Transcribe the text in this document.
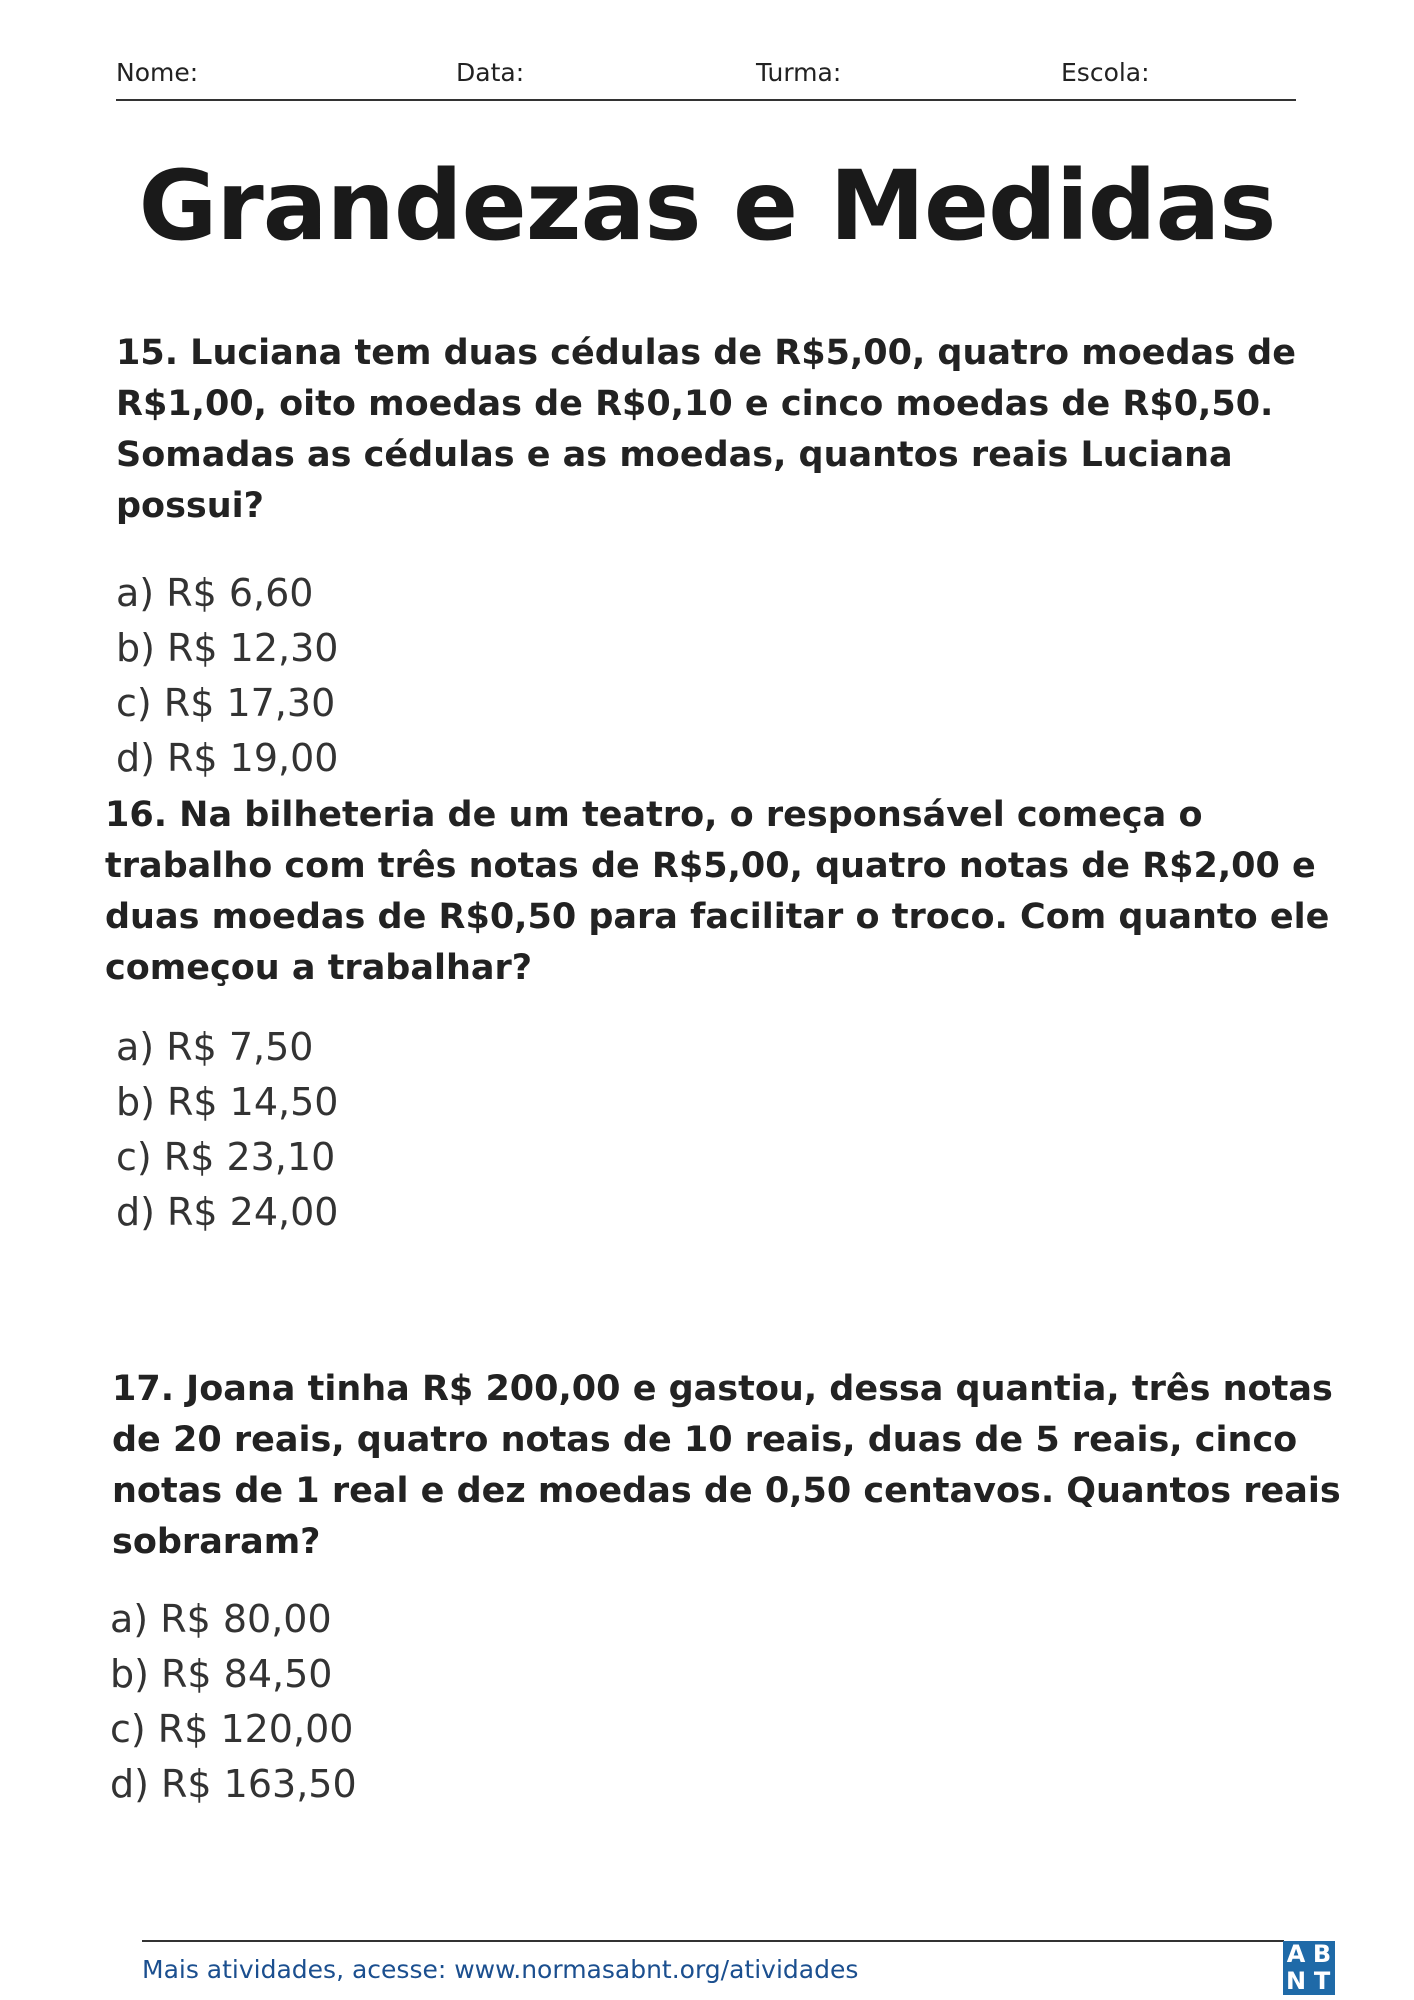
Nome:	Data:	Turma:	Escola:
Grandezas e Medidas

15. Luciana tem duas cédulas de R$5,00, quatro moedas de R$1,00, oito moedas de R$0,10 e cinco moedas de R$0,50. Somadas as cédulas e as moedas, quantos reais Luciana possui?

a) R$ 6,60
b) R$ 12,30
c) R$ 17,30
d) R$ 19,00

16. Na bilheteria de um teatro, o responsável começa o trabalho com três notas de R$5,00, quatro notas de R$2,00 e duas moedas de R$0,50 para facilitar o troco. Com quanto ele começou a trabalhar?

a) R$ 7,50
b) R$ 14,50
c) R$ 23,10
d) R$ 24,00

17. Joana tinha R$ 200,00 e gastou, dessa quantia, três notas de 20 reais, quatro notas de 10 reais, duas de 5 reais, cinco notas de 1 real e dez moedas de 0,50 centavos. Quantos reais sobraram?

a) R$ 80,00
b) R$ 84,50
c) R$ 120,00
d) R$ 163,50
Mais atividades, acesse: www.normasabnt.org/atividades
A B
N T
